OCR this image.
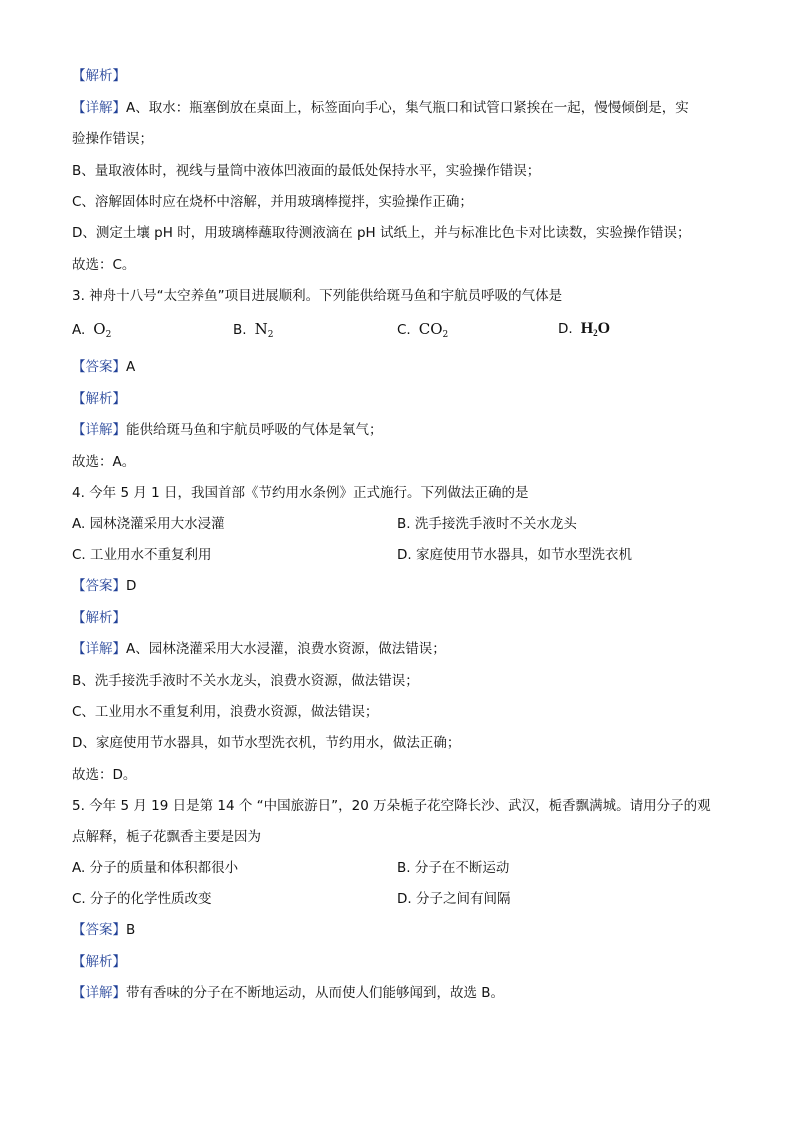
【解析】
【详解】A、取水：瓶塞倒放在桌面上，标签面向手心，集气瓶口和试管口紧挨在一起，慢慢倾倒是，实
验操作错误；
B、量取液体时，视线与量筒中液体凹液面的最低处保持水平，实验操作错误；
C、溶解固体时应在烧杯中溶解，并用玻璃棒搅拌，实验操作正确；
D、测定土壤 pH 时，用玻璃棒蘸取待测液滴在 pH 试纸上，并与标准比色卡对比读数，实验操作错误；
故选：C。
3. 神舟十八号“太空养鱼”项目进展顺利。下列能供给斑马鱼和宇航员呼吸的气体是
A. $O_2$	B. $N_2$	C. $CO_2$	D. $H_2O$
【答案】A
【解析】
【详解】能供给斑马鱼和宇航员呼吸的气体是氧气；
故选：A。
4. 今年 5 月 1 日，我国首部《节约用水条例》正式施行。下列做法正确的是
A. 园林浇灌采用大水浸灌	B. 洗手接洗手液时不关水龙头
C. 工业用水不重复利用	D. 家庭使用节水器具，如节水型洗衣机
【答案】D
【解析】
【详解】A、园林浇灌采用大水浸灌，浪费水资源，做法错误；
B、洗手接洗手液时不关水龙头，浪费水资源，做法错误；
C、工业用水不重复利用，浪费水资源，做法错误；
D、家庭使用节水器具，如节水型洗衣机，节约用水，做法正确；
故选：D。
5. 今年 5 月 19 日是第 14 个 “中国旅游日”，20 万朵栀子花空降长沙、武汉，栀香飘满城。请用分子的观
点解释，栀子花飘香主要是因为
A. 分子的质量和体积都很小	B. 分子在不断运动
C. 分子的化学性质改变	D. 分子之间有间隔
【答案】B
【解析】
【详解】带有香味的分子在不断地运动，从而使人们能够闻到，故选 B。
